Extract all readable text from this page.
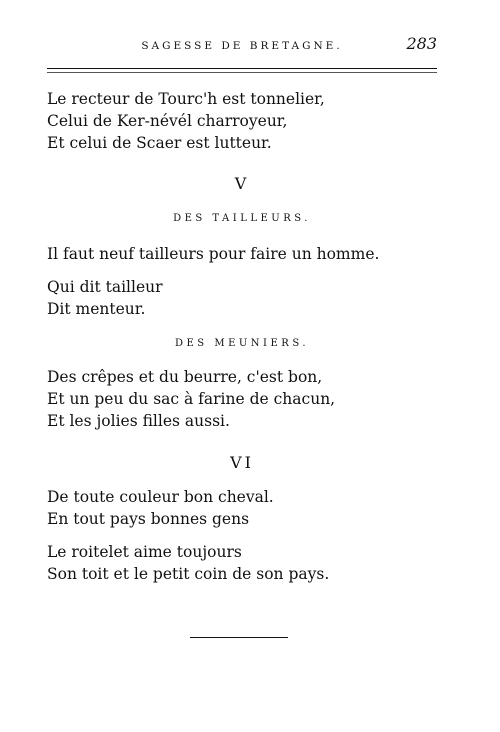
SAGESSE DE BRETAGNE.	283
Le recteur de Tourc'h est tonnelier,
Celui de Ker-névél charroyeur,
Et celui de Scaer est lutteur.
V
DES TAILLEURS.
Il faut neuf tailleurs pour faire un homme.
Qui dit tailleur
Dit menteur.
DES MEUNIERS.
Des crêpes et du beurre, c'est bon,
Et un peu du sac à farine de chacun,
Et les jolies filles aussi.
VI
De toute couleur bon cheval.
En tout pays bonnes gens
Le roitelet aime toujours
Son toit et le petit coin de son pays.
